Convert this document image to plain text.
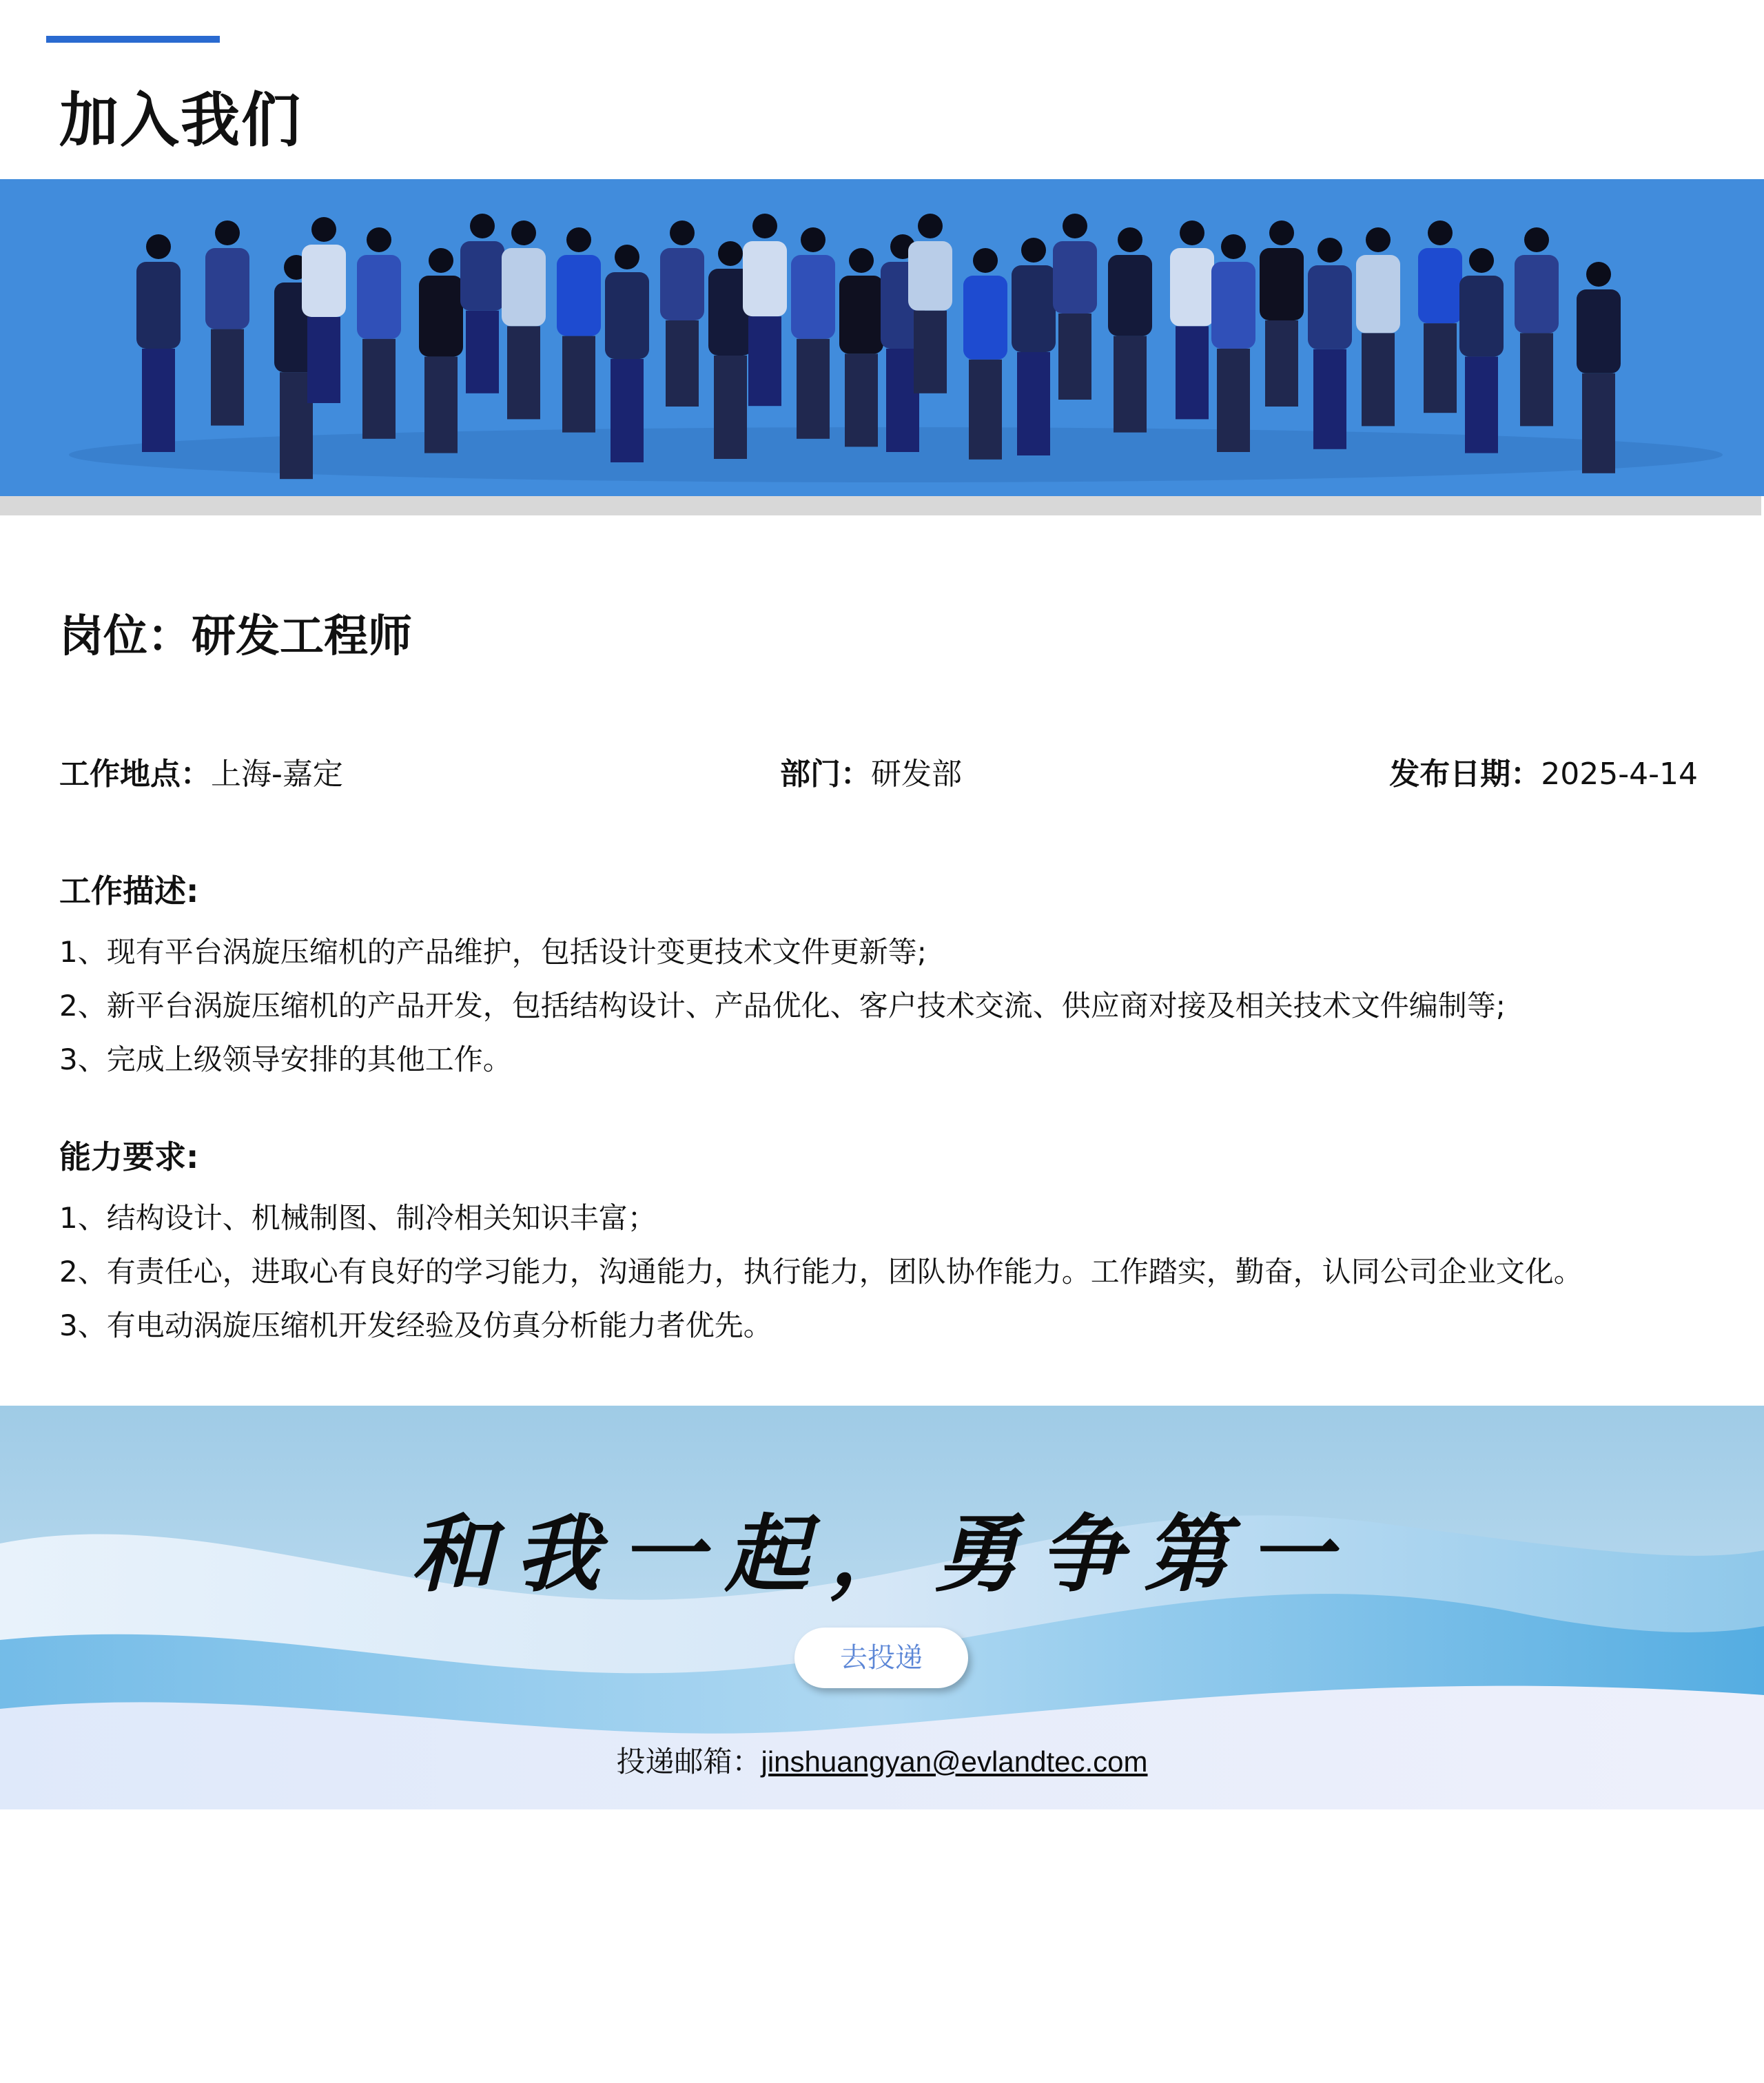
加入我们
岗位：研发工程师
工作地点：上海-嘉定	部门：研发部	发布日期：2025-4-14
工作描述:
1、现有平台涡旋压缩机的产品维护，包括设计变更技术文件更新等;
2、新平台涡旋压缩机的产品开发，包括结构设计、产品优化、客户技术交流、供应商对接及相关技术文件编制等;
3、完成上级领导安排的其他工作。
能力要求:
1、结构设计、机械制图、制冷相关知识丰富；
2、有责任心，进取心有良好的学习能力，沟通能力，执行能力，团队协作能力。工作踏实，勤奋，认同公司企业文化。
3、有电动涡旋压缩机开发经验及仿真分析能力者优先。
和我一起，勇争第一
去投递
投递邮箱：jinshuangyan@evlandtec.com
